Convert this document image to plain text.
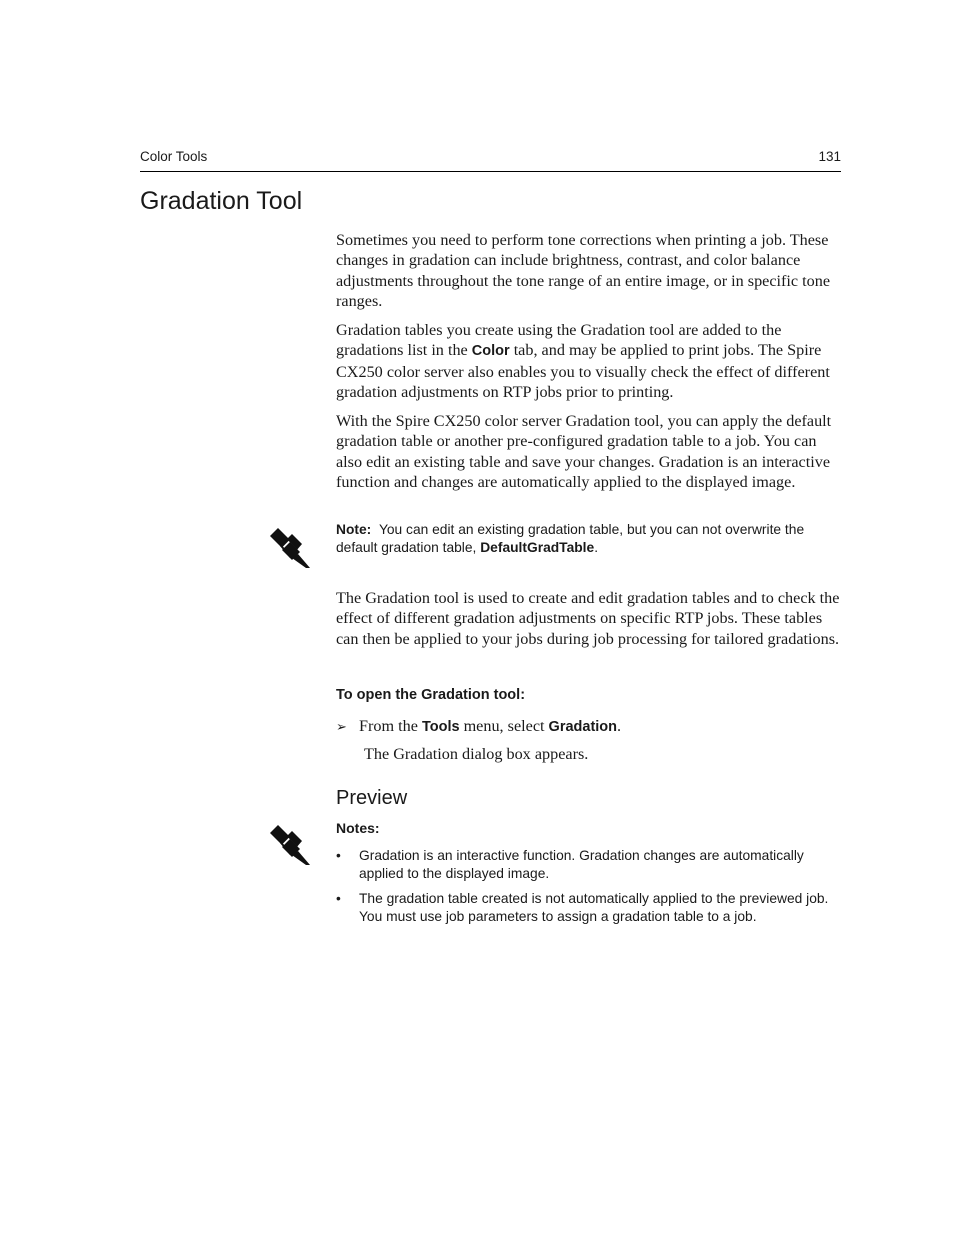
Color Tools	131
Gradation Tool

Sometimes you need to perform tone corrections when printing a job. These changes in gradation can include brightness, contrast, and color balance adjustments throughout the tone range of an entire image, or in specific tone ranges.

Gradation tables you create using the Gradation tool are added to the gradations list in the Color tab, and may be applied to print jobs. The Spire CX250 color server also enables you to visually check the effect of different gradation adjustments on RTP jobs prior to printing.

With the Spire CX250 color server Gradation tool, you can apply the default gradation table or another pre-configured gradation table to a job. You can also edit an existing table and save your changes. Gradation is an interactive function and changes are automatically applied to the displayed image.

Note: You can edit an existing gradation table, but you can not overwrite the default gradation table, DefaultGradTable.

The Gradation tool is used to create and edit gradation tables and to check the effect of different gradation adjustments on specific RTP jobs. These tables can then be applied to your jobs during job processing for tailored gradations.

To open the Gradation tool:
➢ From the Tools menu, select Gradation.
The Gradation dialog box appears.
Preview

Notes:

• Gradation is an interactive function. Gradation changes are automatically applied to the displayed image.
• The gradation table created is not automatically applied to the previewed job. You must use job parameters to assign a gradation table to a job.
